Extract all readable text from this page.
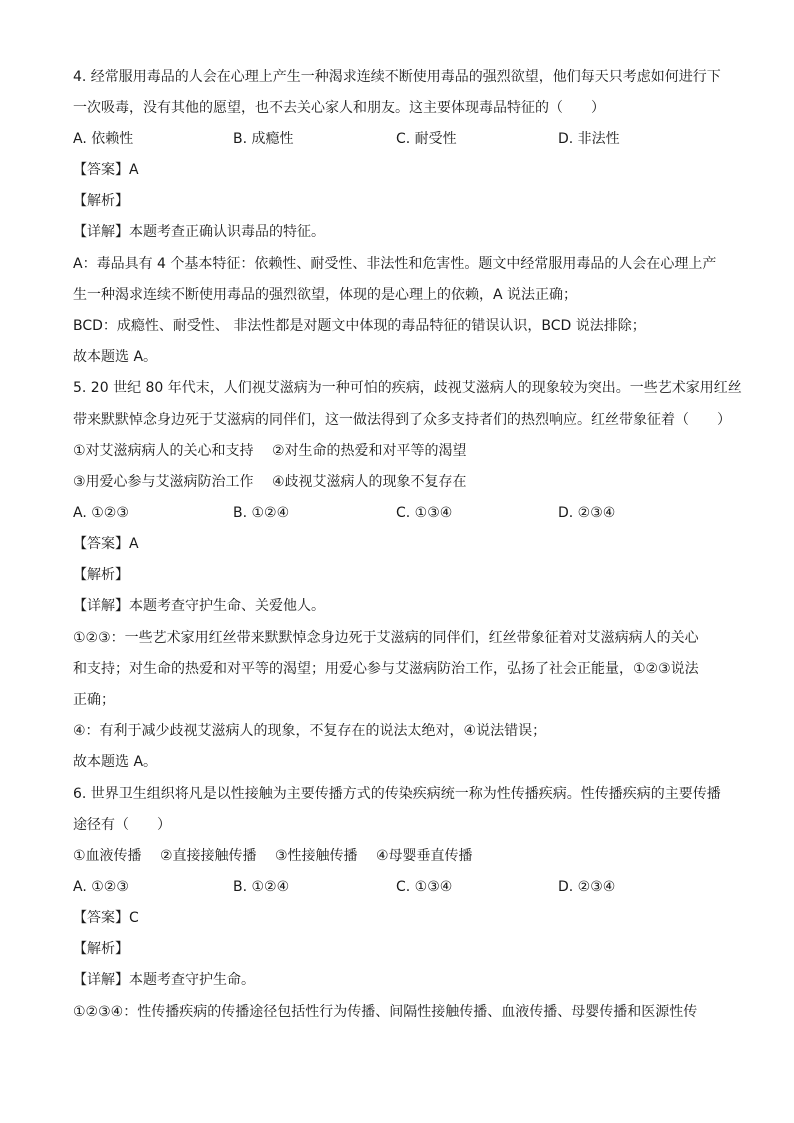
4. 经常服用毒品的人会在心理上产生一种渴求连续不断使用毒品的强烈欲望，他们每天只考虑如何进行下
一次吸毒，没有其他的愿望，也不去关心家人和朋友。这主要体现毒品特征的（　　）
A. 依赖性	B. 成瘾性	C. 耐受性	D. 非法性
【答案】A
【解析】
【详解】本题考查正确认识毒品的特征。
A：毒品具有 4 个基本特征：依赖性、耐受性、非法性和危害性。题文中经常服用毒品的人会在心理上产
生一种渴求连续不断使用毒品的强烈欲望，体现的是心理上的依赖，A 说法正确；
BCD：成瘾性、耐受性、 非法性都是对题文中体现的毒品特征的错误认识，BCD 说法排除；
故本题选 A。
5. 20 世纪 80 年代末，人们视艾滋病为一种可怕的疾病，歧视艾滋病人的现象较为突出。一些艺术家用红丝
带来默默悼念身边死于艾滋病的同伴们，这一做法得到了众多支持者们的热烈响应。红丝带象征着（　　）
①对艾滋病病人的关心和支持　 ②对生命的热爱和对平等的渴望
③用爱心参与艾滋病防治工作　 ④歧视艾滋病人的现象不复存在
A. ①②③	B. ①②④	C. ①③④	D. ②③④
【答案】A
【解析】
【详解】本题考查守护生命、关爱他人。
①②③：一些艺术家用红丝带来默默悼念身边死于艾滋病的同伴们，红丝带象征着对艾滋病病人的关心
和支持；对生命的热爱和对平等的渴望；用爱心参与艾滋病防治工作，弘扬了社会正能量，①②③说法
正确；
④：有利于减少歧视艾滋病人的现象，不复存在的说法太绝对，④说法错误；
故本题选 A。
6. 世界卫生组织将凡是以性接触为主要传播方式的传染疾病统一称为性传播疾病。性传播疾病的主要传播
途径有（　　）
①血液传播　 ②直接接触传播　 ③性接触传播　 ④母婴垂直传播
A. ①②③	B. ①②④	C. ①③④	D. ②③④
【答案】C
【解析】
【详解】本题考查守护生命。
①②③④：性传播疾病的传播途径包括性行为传播、间隔性接触传播、血液传播、母婴传播和医源性传
